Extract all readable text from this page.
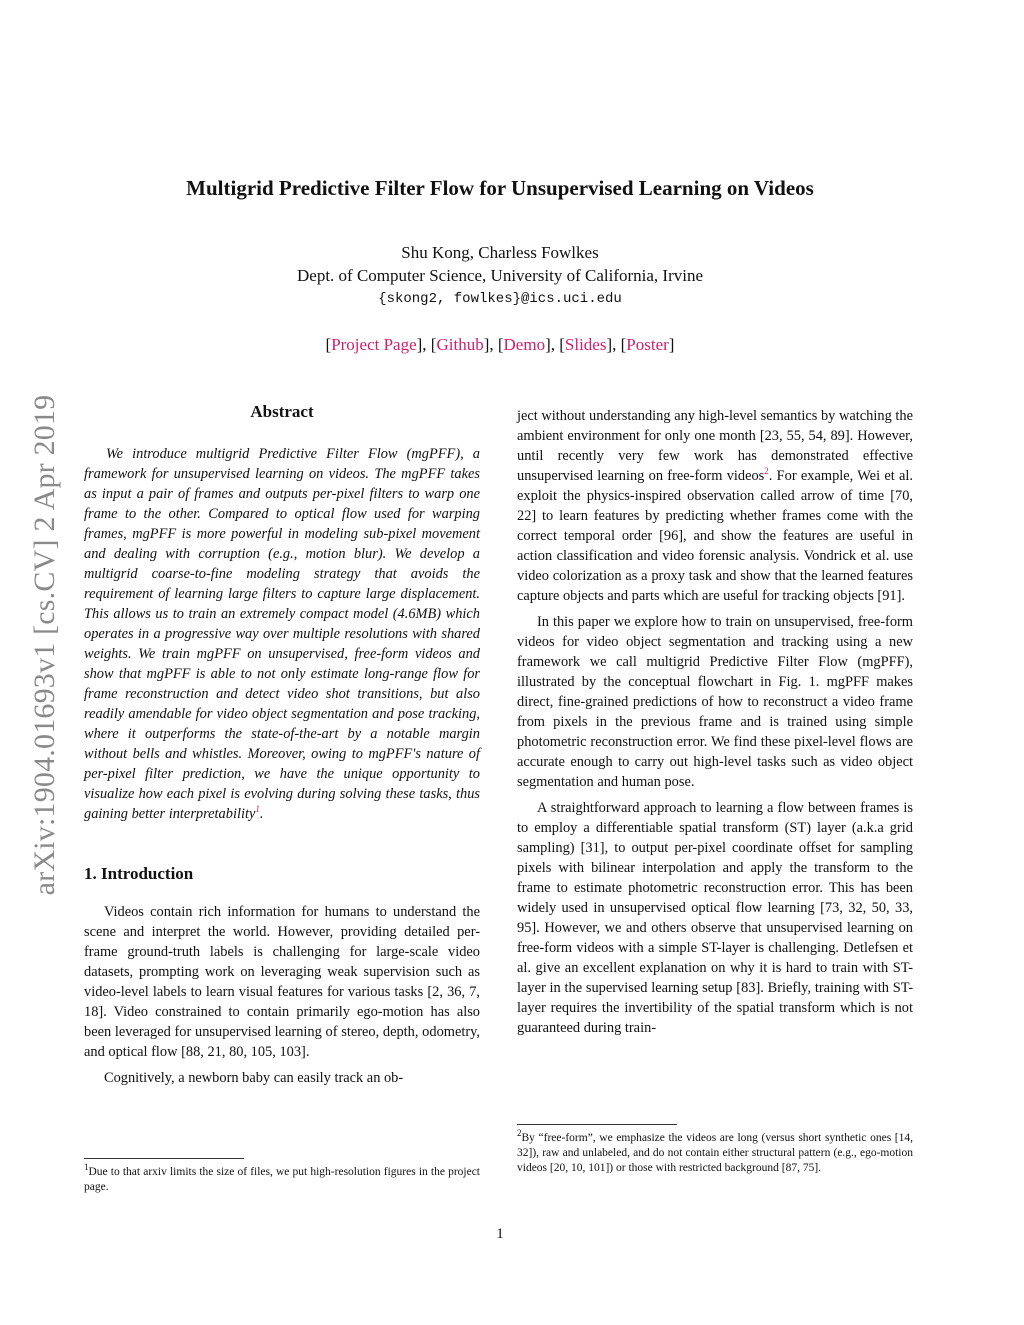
arXiv:1904.01693v1 [cs.CV] 2 Apr 2019
Multigrid Predictive Filter Flow for Unsupervised Learning on Videos
Shu Kong, Charless Fowlkes
Dept. of Computer Science, University of California, Irvine
{skong2, fowlkes}@ics.uci.edu
[Project Page], [Github], [Demo], [Slides], [Poster]
Abstract

We introduce multigrid Predictive Filter Flow (mgPFF), a framework for unsupervised learning on videos. The mgPFF takes as input a pair of frames and outputs per-pixel filters to warp one frame to the other. Compared to optical flow used for warping frames, mgPFF is more powerful in modeling sub-pixel movement and dealing with corruption (e.g., motion blur). We develop a multigrid coarse-to-fine modeling strategy that avoids the requirement of learning large filters to capture large displacement. This allows us to train an extremely compact model (4.6MB) which operates in a progressive way over multiple resolutions with shared weights. We train mgPFF on unsupervised, free-form videos and show that mgPFF is able to not only estimate long-range flow for frame reconstruction and detect video shot transitions, but also readily amendable for video object segmentation and pose tracking, where it outperforms the state-of-the-art by a notable margin without bells and whistles. Moreover, owing to mgPFF's nature of per-pixel filter prediction, we have the unique opportunity to visualize how each pixel is evolving during solving these tasks, thus gaining better interpretability$^1$.

1. Introduction

Videos contain rich information for humans to understand the scene and interpret the world. However, providing detailed per-frame ground-truth labels is challenging for large-scale video datasets, prompting work on leveraging weak supervision such as video-level labels to learn visual features for various tasks [2, 36, 7, 18]. Video constrained to contain primarily ego-motion has also been leveraged for unsupervised learning of stereo, depth, odometry, and optical flow [88, 21, 80, 105, 103].

Cognitively, a newborn baby can easily track an ob-

$^1$Due to that arxiv limits the size of files, we put high-resolution figures in the project page.

ject without understanding any high-level semantics by watching the ambient environment for only one month [23, 55, 54, 89]. However, until recently very few work has demonstrated effective unsupervised learning on free-form videos$^2$. For example, Wei et al. exploit the physics-inspired observation called arrow of time [70, 22] to learn features by predicting whether frames come with the correct temporal order [96], and show the features are useful in action classification and video forensic analysis. Vondrick et al. use video colorization as a proxy task and show that the learned features capture objects and parts which are useful for tracking objects [91].

In this paper we explore how to train on unsupervised, free-form videos for video object segmentation and tracking using a new framework we call multigrid Predictive Filter Flow (mgPFF), illustrated by the conceptual flowchart in Fig. 1. mgPFF makes direct, fine-grained predictions of how to reconstruct a video frame from pixels in the previous frame and is trained using simple photometric reconstruction error. We find these pixel-level flows are accurate enough to carry out high-level tasks such as video object segmentation and human pose.

A straightforward approach to learning a flow between frames is to employ a differentiable spatial transform (ST) layer (a.k.a grid sampling) [31], to output per-pixel coordinate offset for sampling pixels with bilinear interpolation and apply the transform to the frame to estimate photometric reconstruction error. This has been widely used in unsupervised optical flow learning [73, 32, 50, 33, 95]. However, we and others observe that unsupervised learning on free-form videos with a simple ST-layer is challenging. Detlefsen et al. give an excellent explanation on why it is hard to train with ST-layer in the supervised learning setup [83]. Briefly, training with ST-layer requires the invertibility of the spatial transform which is not guaranteed during train-

$^2$By “free-form”, we emphasize the videos are long (versus short synthetic ones [14, 32]), raw and unlabeled, and do not contain either structural pattern (e.g., ego-motion videos [20, 10, 101]) or those with restricted background [87, 75].
1
